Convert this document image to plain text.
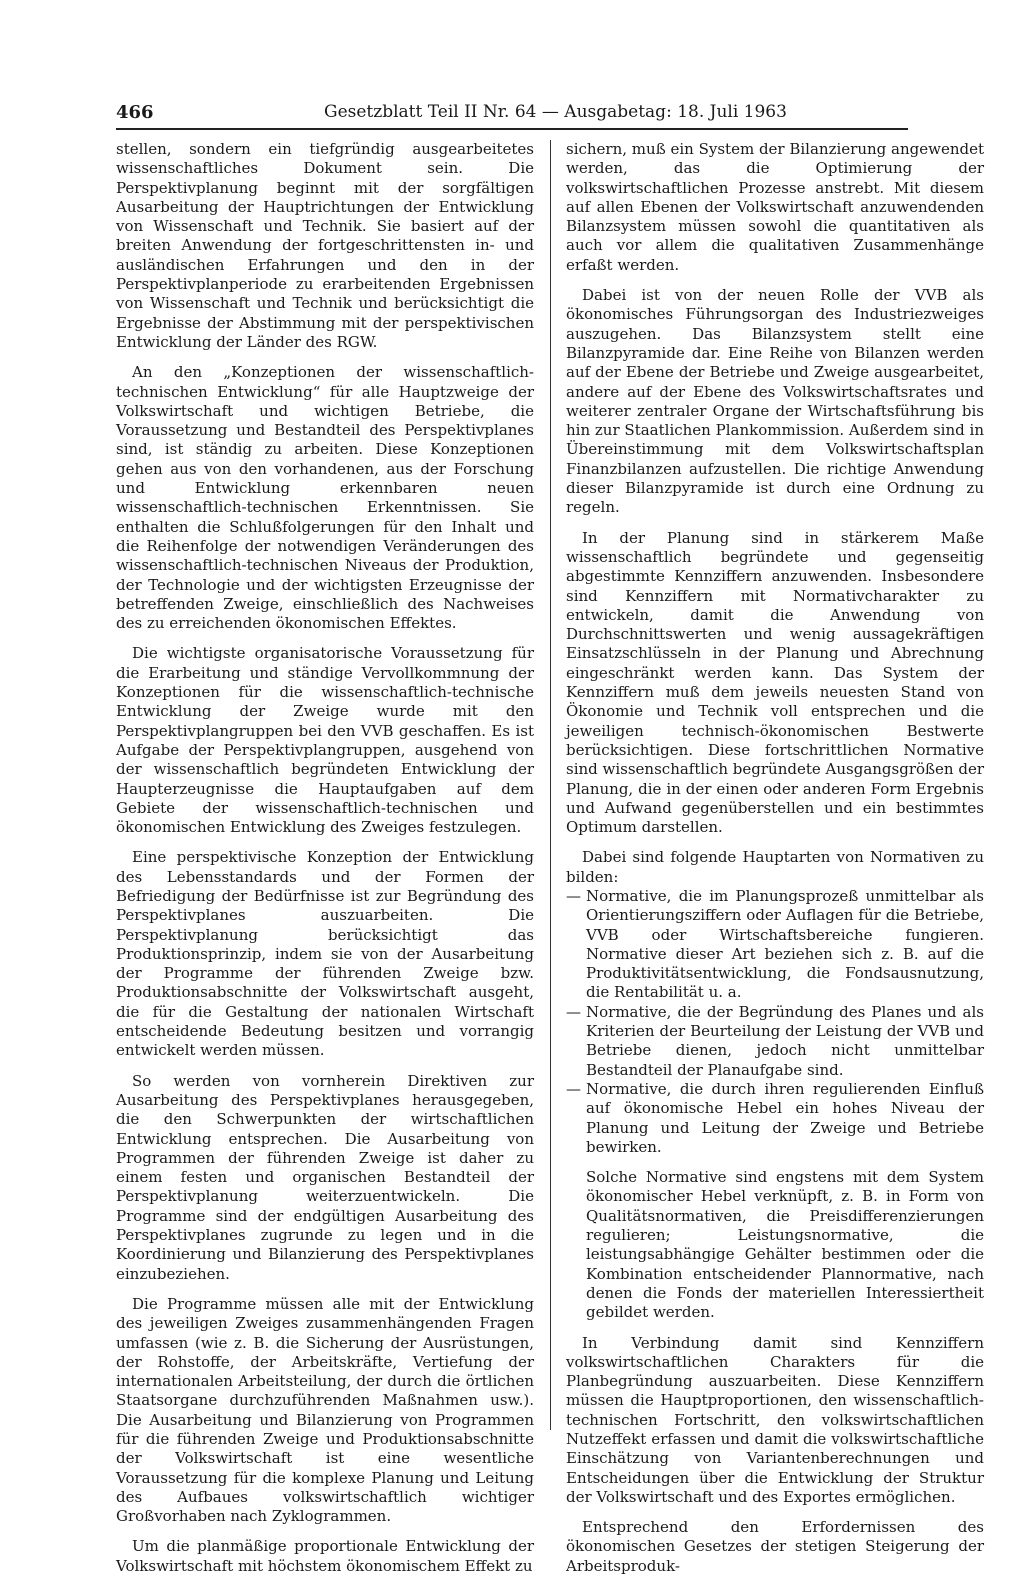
466	Gesetzblatt Teil II Nr. 64 — Ausgabetag: 18. Juli 1963

stellen, sondern ein tiefgründig ausgearbeitetes wissenschaftliches Dokument sein. Die Perspektivplanung beginnt mit der sorgfältigen Ausarbeitung der Hauptrichtungen der Entwicklung von Wissenschaft und Technik. Sie basiert auf der breiten Anwendung der fortgeschrittensten in- und ausländischen Erfahrungen und den in der Perspektivplanperiode zu erarbeitenden Ergebnissen von Wissenschaft und Technik und berücksichtigt die Ergebnisse der Abstimmung mit der perspektivischen Entwicklung der Länder des RGW.

An den „Konzeptionen der wissenschaftlich-technischen Entwicklung“ für alle Hauptzweige der Volkswirtschaft und wichtigen Betriebe, die Voraussetzung und Bestandteil des Perspektivplanes sind, ist ständig zu arbeiten. Diese Konzeptionen gehen aus von den vorhandenen, aus der Forschung und Entwicklung erkennbaren neuen wissenschaftlich-technischen Erkenntnissen. Sie enthalten die Schlußfolgerungen für den Inhalt und die Reihenfolge der notwendigen Veränderungen des wissenschaftlich-technischen Niveaus der Produktion, der Technologie und der wichtigsten Erzeugnisse der betreffenden Zweige, einschließlich des Nachweises des zu erreichenden ökonomischen Effektes.

Die wichtigste organisatorische Voraussetzung für die Erarbeitung und ständige Vervollkommnung der Konzeptionen für die wissenschaftlich-technische Entwicklung der Zweige wurde mit den Perspektivplangruppen bei den VVB geschaffen. Es ist Aufgabe der Perspektivplangruppen, ausgehend von der wissenschaftlich begründeten Entwicklung der Haupterzeugnisse die Hauptaufgaben auf dem Gebiete der wissenschaftlich-technischen und ökonomischen Entwicklung des Zweiges festzulegen.

Eine perspektivische Konzeption der Entwicklung des Lebensstandards und der Formen der Befriedigung der Bedürfnisse ist zur Begründung des Perspektivplanes auszuarbeiten. Die Perspektivplanung berücksichtigt das Produktionsprinzip, indem sie von der Ausarbeitung der Programme der führenden Zweige bzw. Produktionsabschnitte der Volkswirtschaft ausgeht, die für die Gestaltung der nationalen Wirtschaft entscheidende Bedeutung besitzen und vorrangig entwickelt werden müssen.

So werden von vornherein Direktiven zur Ausarbeitung des Perspektivplanes herausgegeben, die den Schwerpunkten der wirtschaftlichen Entwicklung entsprechen. Die Ausarbeitung von Programmen der führenden Zweige ist daher zu einem festen und organischen Bestandteil der Perspektivplanung weiterzuentwickeln. Die Programme sind der endgültigen Ausarbeitung des Perspektivplanes zugrunde zu legen und in die Koordinierung und Bilanzierung des Perspektivplanes einzubeziehen.

Die Programme müssen alle mit der Entwicklung des jeweiligen Zweiges zusammenhängenden Fragen umfassen (wie z. B. die Sicherung der Ausrüstungen, der Rohstoffe, der Arbeitskräfte, Vertiefung der internationalen Arbeitsteilung, der durch die örtlichen Staatsorgane durchzuführenden Maßnahmen usw.). Die Ausarbeitung und Bilanzierung von Programmen für die führenden Zweige und Produktionsabschnitte der Volkswirtschaft ist eine wesentliche Voraussetzung für die komplexe Planung und Leitung des Aufbaues volkswirtschaftlich wichtiger Großvorhaben nach Zyklogrammen.

Um die planmäßige proportionale Entwicklung der Volkswirtschaft mit höchstem ökonomischem Effekt zu

sichern, muß ein System der Bilanzierung angewendet werden, das die Optimierung der volkswirtschaftlichen Prozesse anstrebt. Mit diesem auf allen Ebenen der Volkswirtschaft anzuwendenden Bilanzsystem müssen sowohl die quantitativen als auch vor allem die qualitativen Zusammenhänge erfaßt werden.

Dabei ist von der neuen Rolle der VVB als ökonomisches Führungsorgan des Industriezweiges auszugehen. Das Bilanzsystem stellt eine Bilanzpyramide dar. Eine Reihe von Bilanzen werden auf der Ebene der Betriebe und Zweige ausgearbeitet, andere auf der Ebene des Volkswirtschaftsrates und weiterer zentraler Organe der Wirtschaftsführung bis hin zur Staatlichen Plankommission. Außerdem sind in Übereinstimmung mit dem Volkswirtschaftsplan Finanzbilanzen aufzustellen. Die richtige Anwendung dieser Bilanzpyramide ist durch eine Ordnung zu regeln.

In der Planung sind in stärkerem Maße wissenschaftlich begründete und gegenseitig abgestimmte Kennziffern anzuwenden. Insbesondere sind Kennziffern mit Normativcharakter zu entwickeln, damit die Anwendung von Durchschnittswerten und wenig aussagekräftigen Einsatzschlüsseln in der Planung und Abrechnung eingeschränkt werden kann. Das System der Kennziffern muß dem jeweils neuesten Stand von Ökonomie und Technik voll entsprechen und die jeweiligen technisch-ökonomischen Bestwerte berücksichtigen. Diese fortschrittlichen Normative sind wissenschaftlich begründete Ausgangsgrößen der Planung, die in der einen oder anderen Form Ergebnis und Aufwand gegenüberstellen und ein bestimmtes Optimum darstellen.

Dabei sind folgende Hauptarten von Normativen zu bilden:

— Normative, die im Planungsprozeß unmittelbar als Orientierungsziffern oder Auflagen für die Betriebe, VVB oder Wirtschaftsbereiche fungieren. Normative dieser Art beziehen sich z. B. auf die Produktivitätsentwicklung, die Fondsausnutzung, die Rentabilität u. a.
— Normative, die der Begründung des Planes und als Kriterien der Beurteilung der Leistung der VVB und Betriebe dienen, jedoch nicht unmittelbar Bestandteil der Planaufgabe sind.
— Normative, die durch ihren regulierenden Einfluß auf ökonomische Hebel ein hohes Niveau der Planung und Leitung der Zweige und Betriebe bewirken.

Solche Normative sind engstens mit dem System ökonomischer Hebel verknüpft, z. B. in Form von Qualitätsnormativen, die Preisdifferenzierungen regulieren; Leistungsnormative, die leistungsabhängige Gehälter bestimmen oder die Kombination entscheidender Plannormative, nach denen die Fonds der materiellen Interessiertheit gebildet werden.

In Verbindung damit sind Kennziffern volkswirtschaftlichen Charakters für die Planbegründung auszuarbeiten. Diese Kennziffern müssen die Hauptproportionen, den wissenschaftlich-technischen Fortschritt, den volkswirtschaftlichen Nutzeffekt erfassen und damit die volkswirtschaftliche Einschätzung von Variantenberechnungen und Entscheidungen über die Entwicklung der Struktur der Volkswirtschaft und des Exportes ermöglichen.

Entsprechend den Erfordernissen des ökonomischen Gesetzes der stetigen Steigerung der Arbeitsproduk-
